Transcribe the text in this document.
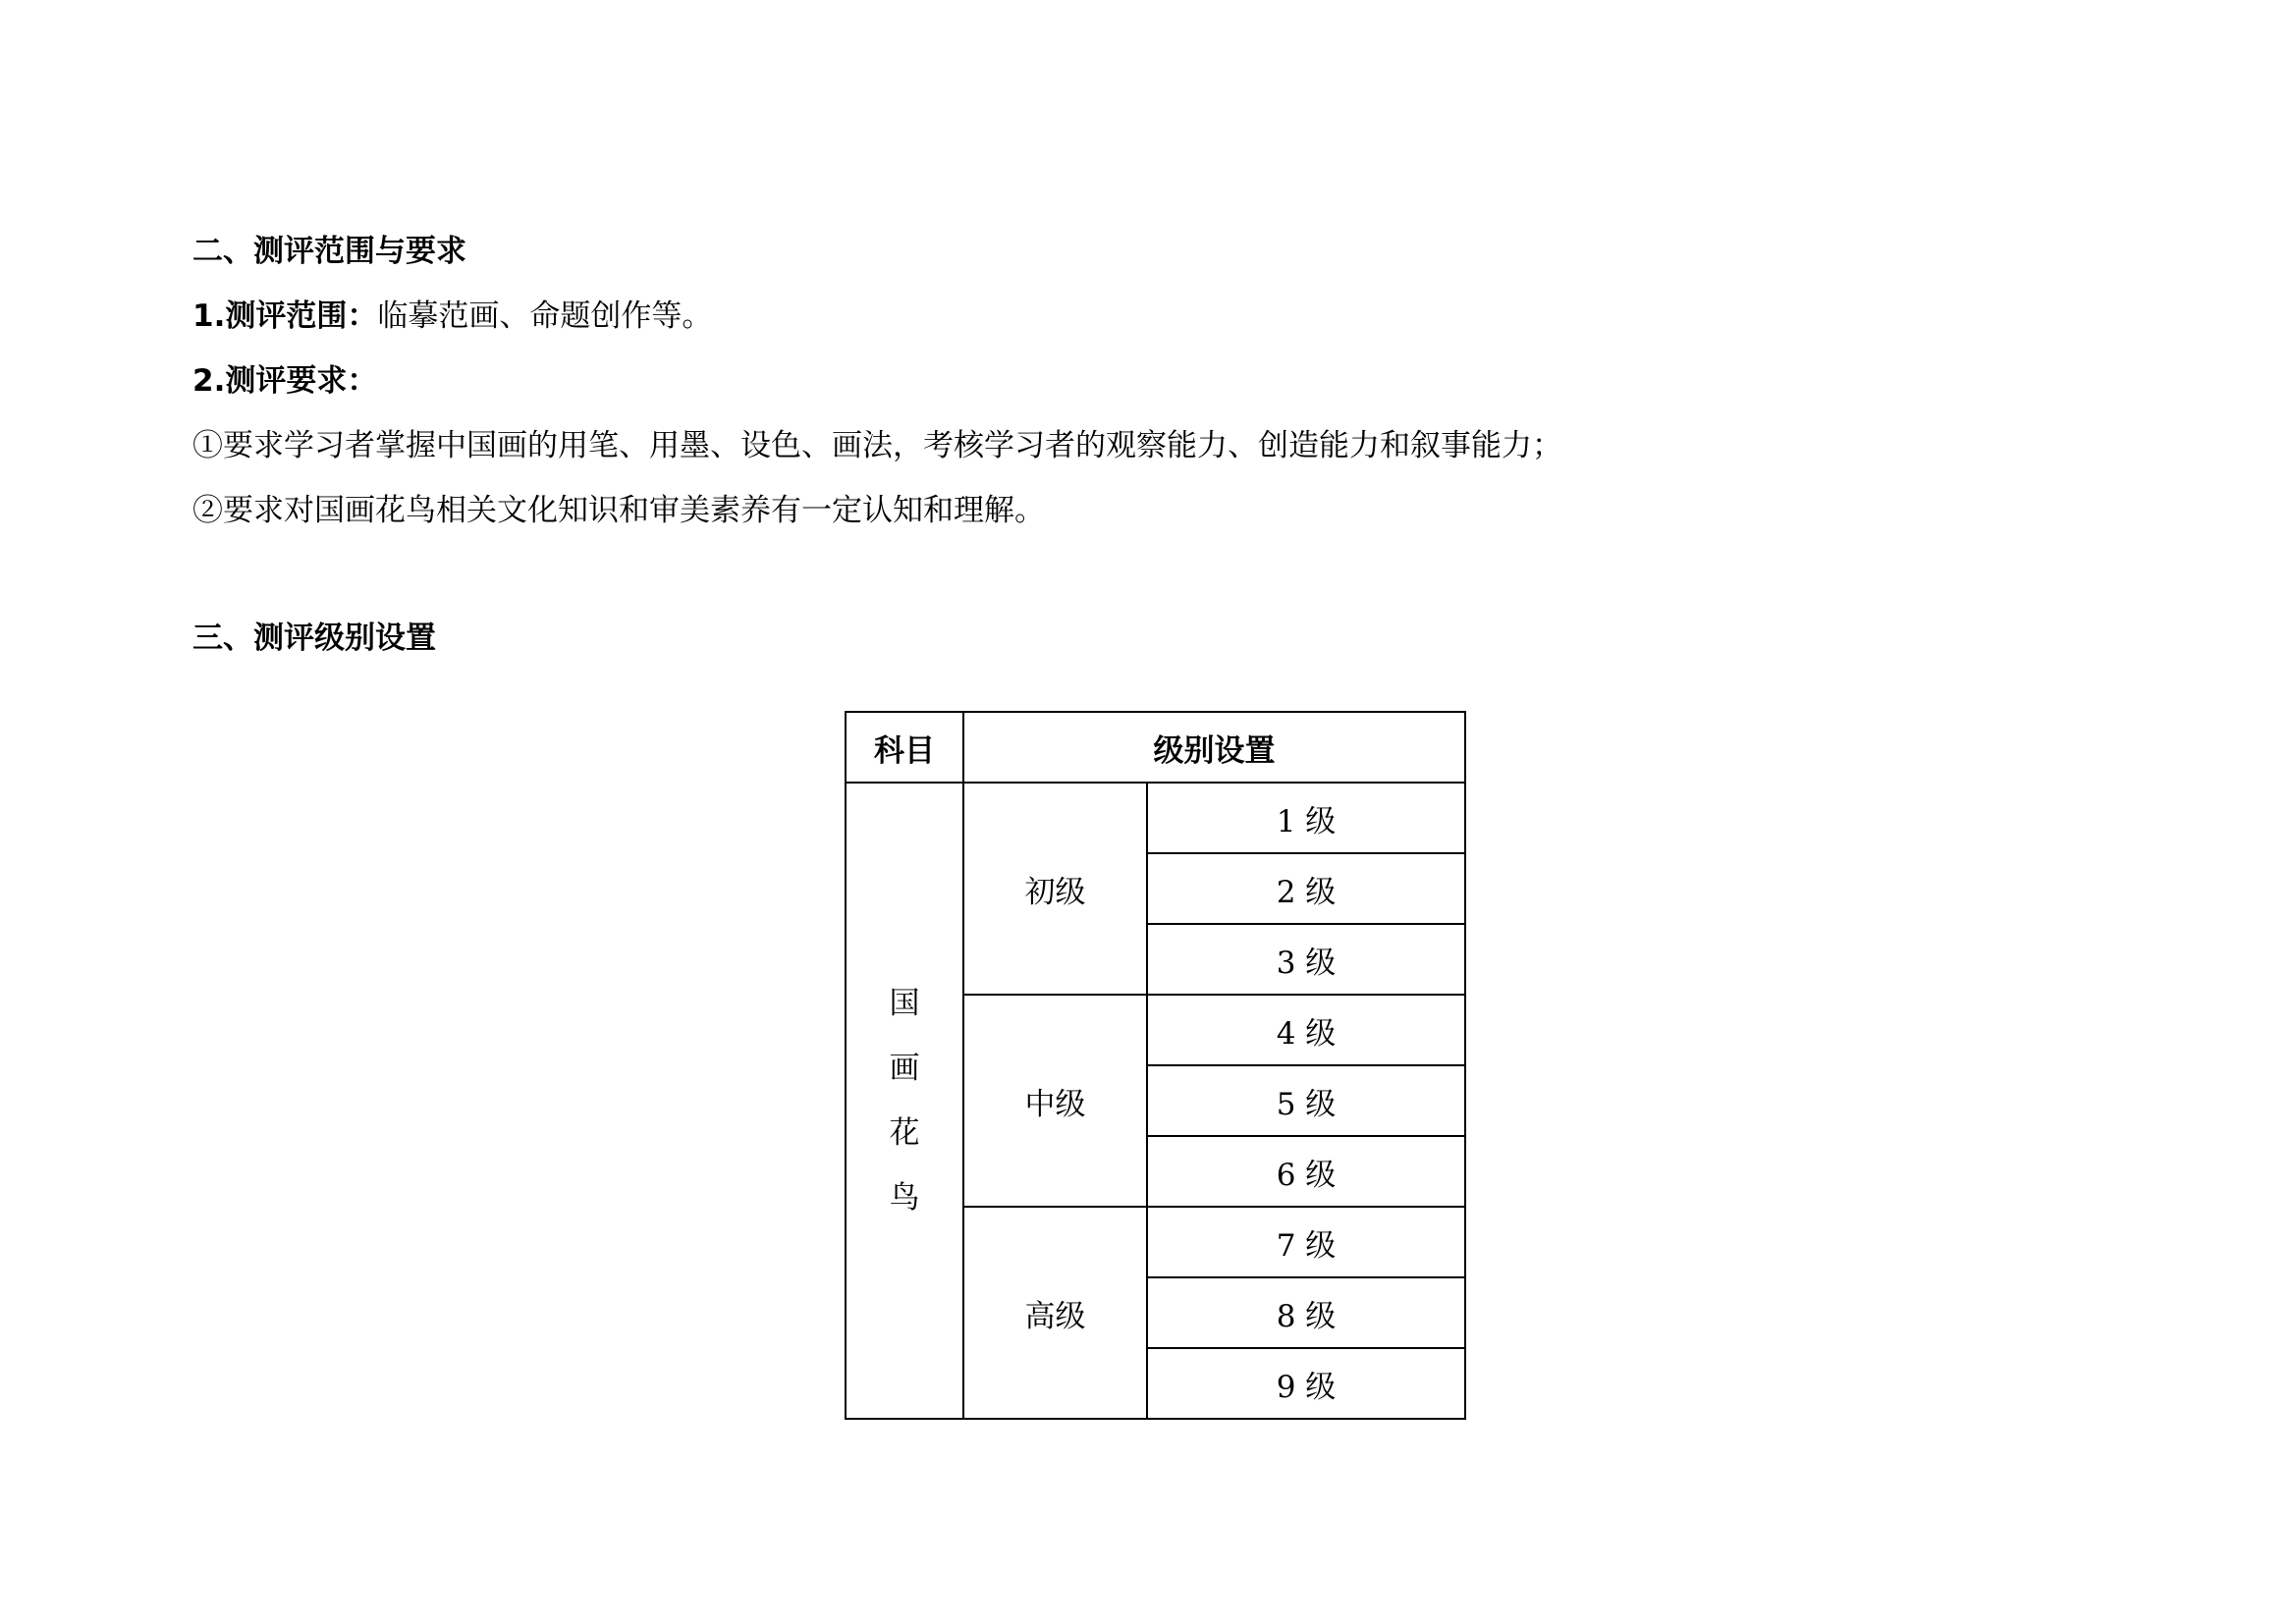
二、测评范围与要求
1.测评范围：临摹范画、命题创作等。
2.测评要求：
①要求学习者掌握中国画的用笔、用墨、设色、画法，考核学习者的观察能力、创造能力和叙事能力；
②要求对国画花鸟相关文化知识和审美素养有一定认知和理解。
三、测评级别设置
科目	级别设置	
国画花鸟	初级	1 级
		2 级
		3 级
	中级	4 级
		5 级
		6 级
	高级	7 级
		8 级
		9 级
